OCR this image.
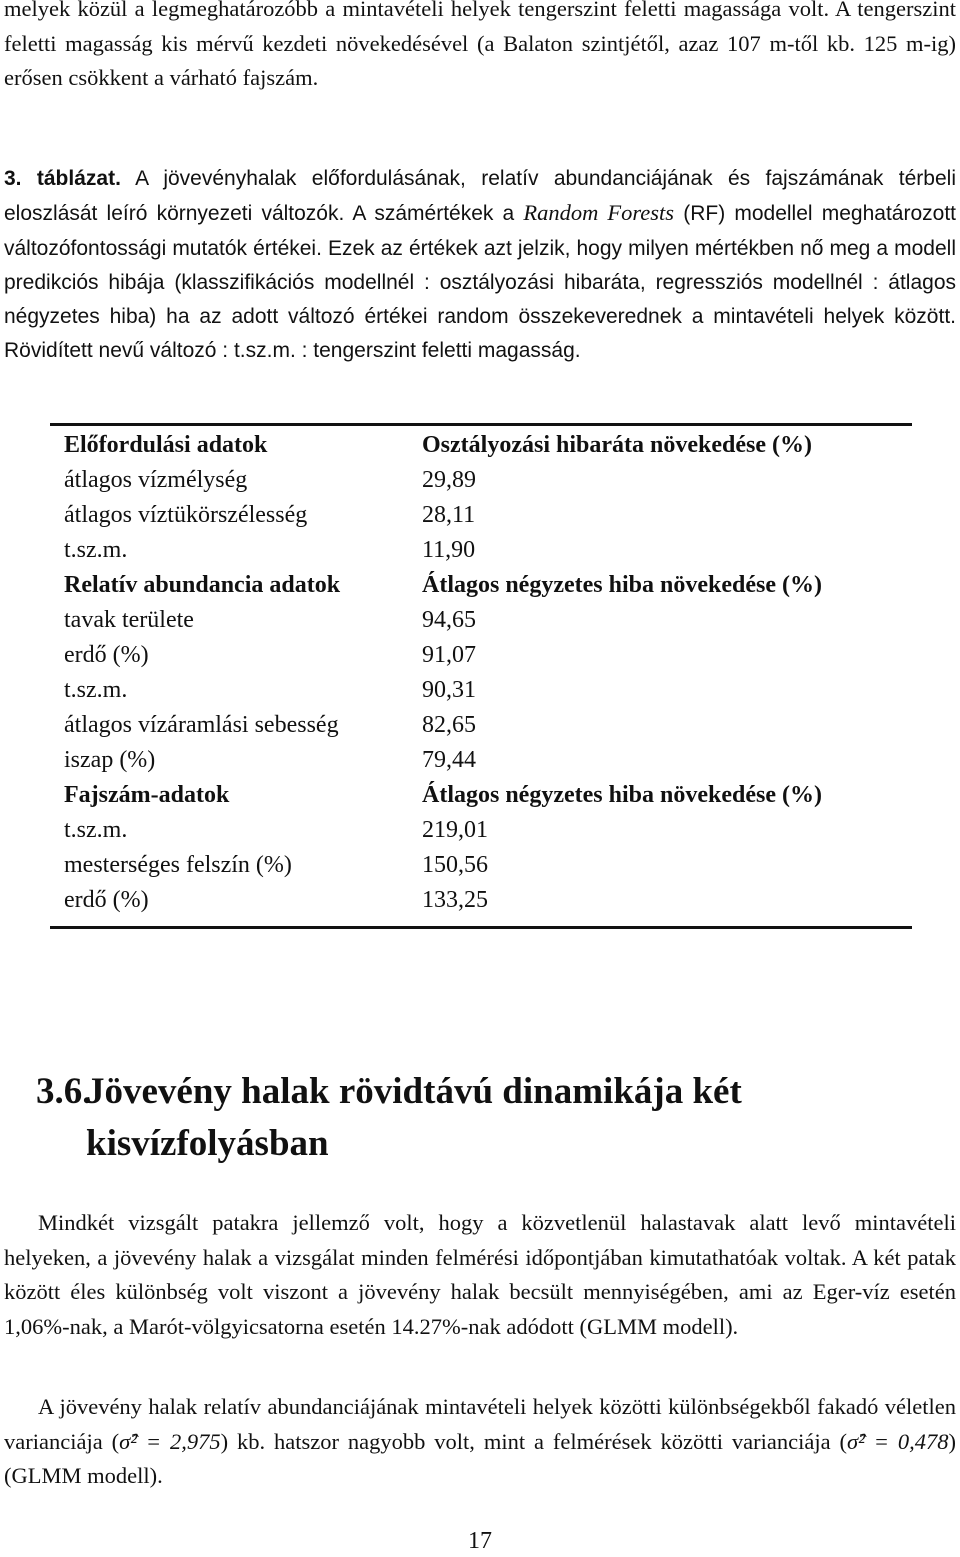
melyek közül a legmeghatározóbb a mintavételi helyek tengerszint feletti magassága volt. A tengerszint feletti magasság kis mérvű kezdeti növekedésével (a Balaton szintjétől, azaz 107 m-től kb. 125 m-ig) erősen csökkent a várható fajszám.
3. táblázat. A jövevényhalak előfordulásának, relatív abundanciájának és fajszámának térbeli eloszlását leíró környezeti változók. A számértékek a Random Forests (RF) modellel meghatározott változófontossági mutatók értékei. Ezek az értékek azt jelzik, hogy milyen mértékben nő meg a modell predikciós hibája (klasszifikációs modellnél : osztályozási hibaráta, regressziós modellnél : átlagos négyzetes hiba) ha az adott változó értékei random összekeverednek a mintavételi helyek között. Rövidített nevű változó : t.sz.m. : tengerszint feletti magasság.
Előfordulási adatok	Osztályozási hibaráta növekedése (%)
átlagos vízmélység	29,89
átlagos víztükörszélesség	28,11
t.sz.m.	11,90
Relatív abundancia adatok	Átlagos négyzetes hiba növekedése (%)
tavak területe	94,65
erdő (%)	91,07
t.sz.m.	90,31
átlagos vízáramlási sebesség	82,65
iszap (%)	79,44
Fajszám-adatok	Átlagos négyzetes hiba növekedése (%)
t.sz.m.	219,01
mesterséges felszín (%)	150,56
erdő (%)	133,25
3.6.
Jövevény halak rövidtávú dinamikája két kisvízfolyásban
Mindkét vizsgált patakra jellemző volt, hogy a közvetlenül halastavak alatt levő mintavételi helyeken, a jövevény halak a vizsgálat minden felmérési időpontjában kimutathatóak voltak. A két patak között éles különbség volt viszont a jövevény halak becsült mennyiségében, ami az Eger-víz esetén 1,06%-nak, a Marót-völgyicsatorna esetén 14.27%-nak adódott (GLMM modell).
A jövevény halak relatív abundanciájának mintavételi helyek közötti különbségekből fakadó véletlen varianciája (σ̂² = 2,975) kb. hatszor nagyobb volt, mint a felmérések közötti varianciája (σ̂² = 0,478) (GLMM modell).
17
